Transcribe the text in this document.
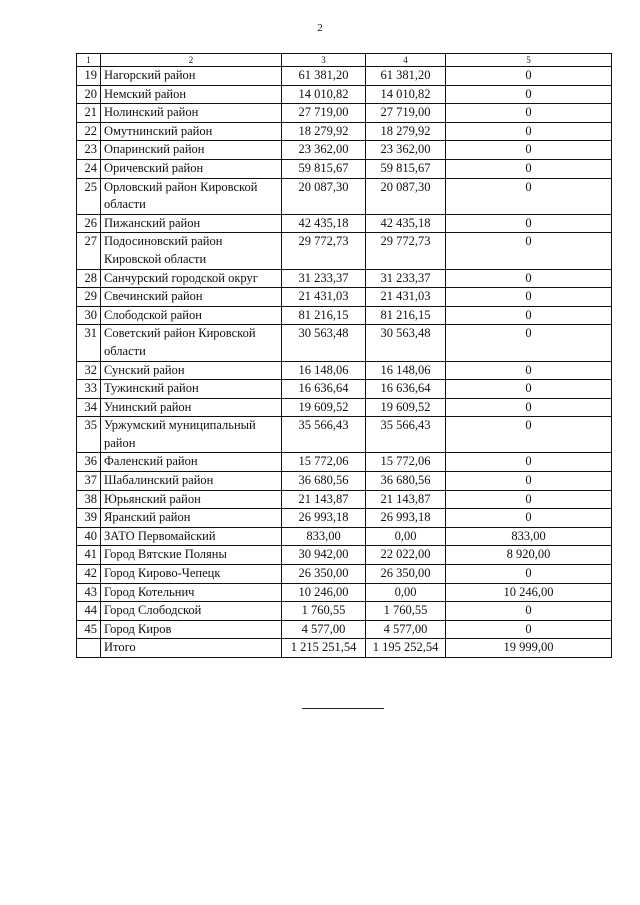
2
1	2	3	4	5
19	Нагорский район	61 381,20	61 381,20	0
20	Немский район	14 010,82	14 010,82	0
21	Нолинский район	27 719,00	27 719,00	0
22	Омутнинский район	18 279,92	18 279,92	0
23	Опаринский район	23 362,00	23 362,00	0
24	Оричевский район	59 815,67	59 815,67	0
25	Орловский район Кировской области	20 087,30	20 087,30	0
26	Пижанский район	42 435,18	42 435,18	0
27	Подосиновский район Кировской области	29 772,73	29 772,73	0
28	Санчурский городской округ	31 233,37	31 233,37	0
29	Свечинский район	21 431,03	21 431,03	0
30	Слободской район	81 216,15	81 216,15	0
31	Советский район Кировской области	30 563,48	30 563,48	0
32	Сунский район	16 148,06	16 148,06	0
33	Тужинский район	16 636,64	16 636,64	0
34	Унинский район	19 609,52	19 609,52	0
35	Уржумский муниципальный район	35 566,43	35 566,43	0
36	Фаленский район	15 772,06	15 772,06	0
37	Шабалинский район	36 680,56	36 680,56	0
38	Юрьянский район	21 143,87	21 143,87	0
39	Яранский район	26 993,18	26 993,18	0
40	ЗАТО Первомайский	833,00	0,00	833,00
41	Город Вятские Поляны	30 942,00	22 022,00	8 920,00
42	Город Кирово-Чепецк	26 350,00	26 350,00	0
43	Город Котельнич	10 246,00	0,00	10 246,00
44	Город Слободской	1 760,55	1 760,55	0
45	Город Киров	4 577,00	4 577,00	0
	Итого	1 215 251,54	1 195 252,54	19 999,00
